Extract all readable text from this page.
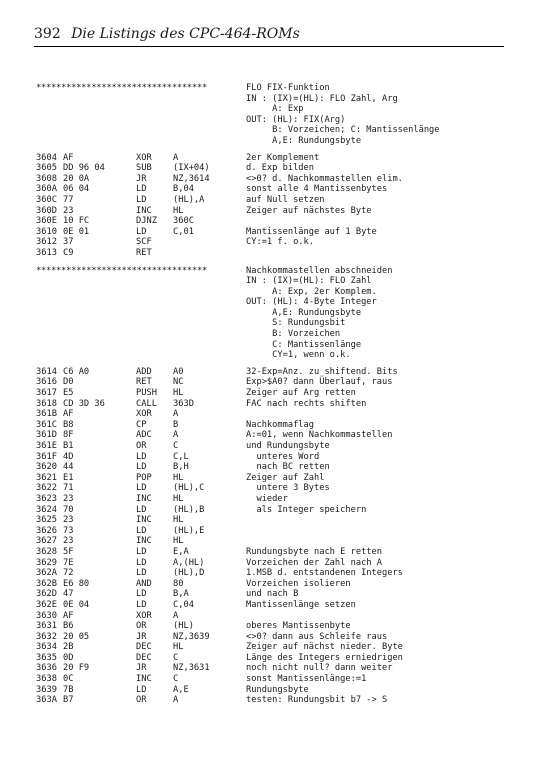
392 Die Listings des CPC-464-ROMs
**********************************	FLO FIX-Funktion
IN : (IX)=(HL): FLO Zahl, Arg
A: Exp
OUT: (HL): FIX(Arg)
B: Vorzeichen; C: Mantissenlänge
A,E: Rundungsbyte
3604 AF	XOR A	2er Komplement
3605 DD 96 04	SUB (IX+04)	d. Exp bilden
3608 20 0A	JR	NZ,3614	<>0? d. Nachkommastellen elim.
360A 06 04	LD	B,04	sonst alle 4 Mantissenbytes
360C 77	LD	(HL),A	auf Null setzen
360D 23	INC HL	Zeiger auf nächstes Byte
360E 10 FC	DJNZ 360C
3610 0E 01	LD	C,01	Mantissenlänge auf 1 Byte
3612 37	SCF	CY:=1 f. o.k.
3613 C9	RET
**********************************	Nachkommastellen abschneiden
IN : (IX)=(HL): FLO Zahl
A: Exp, 2er Komplem.
OUT: (HL): 4-Byte Integer
A,E: Rundungsbyte
S: Rundungsbit
B: Vorzeichen
C: Mantissenlänge
CY=1, wenn o.k.
3614 C6 A0	ADD A0	32-Exp=Anz. zu shiftend. Bits
3616 D0	RET NC	Exp>$A0? dann Überlauf, raus
3617 E5	PUSH HL	Zeiger auf Arg retten
3618 CD 3D 36	CALL 363D	FAC nach rechts shiften
361B AF	XOR A
361C B8	CP	B	Nachkommaflag
361D 8F	ADC A	A:=01, wenn Nachkommastellen
361E B1	OR	C	und Rundungsbyte
361F 4D	LD	C,L	unteres Word
3620 44	LD	B,H	nach BC retten
3621 E1	POP HL	Zeiger auf Zahl
3622 71	LD	(HL),C	untere 3 Bytes
3623 23	INC HL	wieder
3624 70	LD	(HL),B	als Integer speichern
3625 23	INC HL
3626 73	LD	(HL),E
3627 23	INC HL
3628 5F	LD	E,A	Rundungsbyte nach E retten
3629 7E	LD	A,(HL)	Vorzeichen der Zahl nach A
362A 72	LD	(HL),D	1.MSB d. entstandenen Integers
362B E6 80	AND 80	Vorzeichen isolieren
362D 47	LD	B,A	und nach B
362E 0E 04	LD	C,04	Mantissenlänge setzen
3630 AF	XOR A
3631 B6	OR	(HL)	oberes Mantissenbyte
3632 20 05	JR	NZ,3639	<>0? dann aus Schleife raus
3634 2B	DEC HL	Zeiger auf nächst nieder. Byte
3635 0D	DEC C	Länge des Integers erniedrigen
3636 20 F9	JR	NZ,3631	noch nicht null? dann weiter
3638 0C	INC C	sonst Mantissenlänge:=1
3639 7B	LD	A,E	Rundungsbyte
363A B7	OR	A	testen: Rundungsbit b7 -> S
